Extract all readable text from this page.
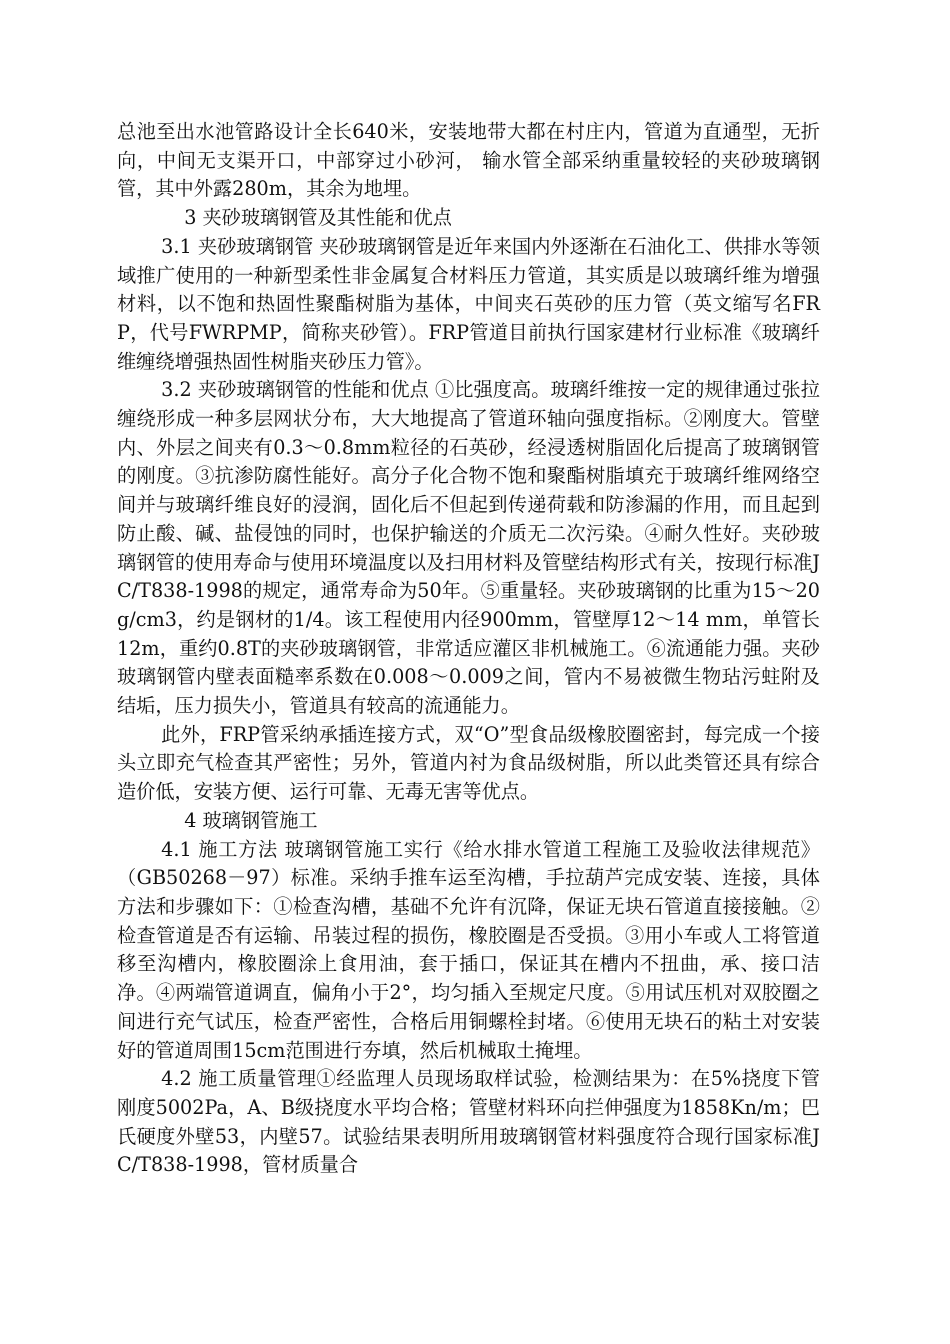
总池至出水池管路设计全长640米，安装地带大都在村庄内，管道为直通型，无折向，中间无支渠开口，中部穿过小砂河， 输水管全部采纳重量较轻的夹砂玻璃钢管，其中外露280m，其余为地埋。

3 夹砂玻璃钢管及其性能和优点

3.1 夹砂玻璃钢管 夹砂玻璃钢管是近年来国内外逐渐在石油化工、供排水等领域推广使用的一种新型柔性非金属复合材料压力管道，其实质是以玻璃纤维为增强材料，以不饱和热固性聚酯树脂为基体，中间夹石英砂的压力管（英文缩写名FRP，代号FWRPMP，简称夹砂管）。FRP管道目前执行国家建材行业标准《玻璃纤维缠绕增强热固性树脂夹砂压力管》。

3.2 夹砂玻璃钢管的性能和优点 ①比强度高。玻璃纤维按一定的规律通过张拉缠绕形成一种多层网状分布，大大地提高了管道环轴向强度指标。②刚度大。管壁内、外层之间夹有0.3～0.8mm粒径的石英砂，经浸透树脂固化后提高了玻璃钢管的刚度。③抗渗防腐性能好。高分子化合物不饱和聚酯树脂填充于玻璃纤维网络空间并与玻璃纤维良好的浸润，固化后不但起到传递荷载和防渗漏的作用，而且起到防止酸、碱、盐侵蚀的同时，也保护输送的介质无二次污染。④耐久性好。夹砂玻璃钢管的使用寿命与使用环境温度以及扫用材料及管壁结构形式有关，按现行标准JC/T838-1998的规定，通常寿命为50年。⑤重量轻。夹砂玻璃钢的比重为15～20g/cm3，约是钢材的1/4。该工程使用内径900mm，管壁厚12～14 mm，单管长12m，重约0.8T的夹砂玻璃钢管，非常适应灌区非机械施工。⑥流通能力强。夹砂玻璃钢管内壁表面糙率系数在0.008～0.009之间，管内不易被微生物玷污蛀附及结垢，压力损失小，管道具有较高的流通能力。

此外，FRP管采纳承插连接方式，双“O”型食品级橡胶圈密封，每完成一个接头立即充气检查其严密性；另外，管道内衬为食品级树脂，所以此类管还具有综合造价低，安装方便、运行可靠、无毒无害等优点。

4 玻璃钢管施工

4.1 施工方法 玻璃钢管施工实行《给水排水管道工程施工及验收法律规范》（GB50268－97）标准。采纳手推车运至沟槽，手拉葫芦完成安装、连接，具体方法和步骤如下：①检查沟槽，基础不允许有沉降，保证无块石管道直接接触。②检查管道是否有运输、吊装过程的损伤，橡胶圈是否受损。③用小车或人工将管道移至沟槽内，橡胶圈涂上食用油，套于插口，保证其在槽内不扭曲，承、接口洁净。④两端管道调直，偏角小于2°，均匀插入至规定尺度。⑤用试压机对双胶圈之间进行充气试压，检查严密性，合格后用铜螺栓封堵。⑥使用无块石的粘土对安装好的管道周围15cm范围进行夯填，然后机械取土掩埋。

4.2 施工质量管理①经监理人员现场取样试验，检测结果为：在5%挠度下管刚度5002Pa，A、B级挠度水平均合格；管壁材料环向拦伸强度为1858Kn/m；巴氏硬度外壁53，内壁57。试验结果表明所用玻璃钢管材料强度符合现行国家标准JC/T838-1998，管材质量合
